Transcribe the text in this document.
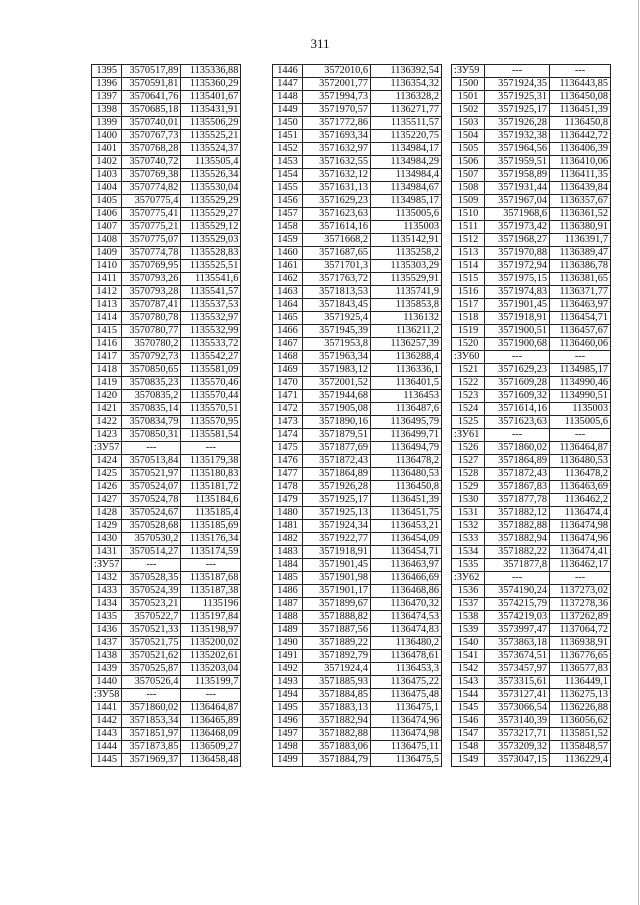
311
1395	3570517,89	1135336,88
1396	3570591,81	1135360,29
1397	3570641,76	1135401,67
1398	3570685,18	1135431,91
1399	3570740,01	1135506,29
1400	3570767,73	1135525,21
1401	3570768,28	1135524,37
1402	3570740,72	1135505,4
1403	3570769,38	1135526,34
1404	3570774,82	1135530,04
1405	3570775,4	1135529,29
1406	3570775,41	1135529,27
1407	3570775,21	1135529,12
1408	3570775,07	1135529,03
1409	3570774,78	1135528,83
1410	3570769,95	1135525,51
1411	3570793,26	1135541,6
1412	3570793,28	1135541,57
1413	3570787,41	1135537,53
1414	3570780,78	1135532,97
1415	3570780,77	1135532,99
1416	3570780,2	1135533,72
1417	3570792,73	1135542,27
1418	3570850,65	1135581,09
1419	3570835,23	1135570,46
1420	3570835,2	1135570,44
1421	3570835,14	1135570,51
1422	3570834,79	1135570,95
1423	3570850,31	1135581,54
:ЗУ57	---	---
1424	3570513,84	1135179,38
1425	3570521,97	1135180,83
1426	3570524,07	1135181,72
1427	3570524,78	1135184,6
1428	3570524,67	1135185,4
1429	3570528,68	1135185,69
1430	3570530,2	1135176,34
1431	3570514,27	1135174,59
:ЗУ57	---	---
1432	3570528,35	1135187,68
1433	3570524,39	1135187,38
1434	3570523,21	1135196
1435	3570522,7	1135197,84
1436	3570521,33	1135198,97
1437	3570521,75	1135200,02
1438	3570521,62	1135202,61
1439	3570525,87	1135203,04
1440	3570526,4	1135199,7
:ЗУ58	---	---
1441	3571860,02	1136464,87
1442	3571853,34	1136465,89
1443	3571851,97	1136468,09
1444	3571873,85	1136509,27
1445	3571969,37	1136458,48
1446	3572010,6	1136392,54
1447	3572001,77	1136354,32
1448	3571994,73	1136328,2
1449	3571970,57	1136271,77
1450	3571772,86	1135511,57
1451	3571693,34	1135220,75
1452	3571632,97	1134984,17
1453	3571632,55	1134984,29
1454	3571632,12	1134984,4
1455	3571631,13	1134984,67
1456	3571629,23	1134985,17
1457	3571623,63	1135005,6
1458	3571614,16	1135003
1459	3571668,2	1135142,91
1460	3571687,65	1135258,2
1461	3571701,3	1135303,29
1462	3571763,72	1135529,91
1463	3571813,53	1135741,9
1464	3571843,45	1135853,8
1465	3571925,4	1136132
1466	3571945,39	1136211,2
1467	3571953,8	1136257,39
1468	3571963,34	1136288,4
1469	3571983,12	1136336,1
1470	3572001,52	1136401,5
1471	3571944,68	1136453
1472	3571905,08	1136487,6
1473	3571890,16	1136495,79
1474	3571879,51	1136499,71
1475	3571877,69	1136494,79
1476	3571872,43	1136478,2
1477	3571864,89	1136480,53
1478	3571926,28	1136450,8
1479	3571925,17	1136451,39
1480	3571925,13	1136451,75
1481	3571924,34	1136453,21
1482	3571922,77	1136454,09
1483	3571918,91	1136454,71
1484	3571901,45	1136463,97
1485	3571901,98	1136466,69
1486	3571901,17	1136468,86
1487	3571899,67	1136470,32
1488	3571888,82	1136474,53
1489	3571887,56	1136474,83
1490	3571889,22	1136480,2
1491	3571892,79	1136478,61
1492	3571924,4	1136453,3
1493	3571885,93	1136475,22
1494	3571884,85	1136475,48
1495	3571883,13	1136475,1
1496	3571882,94	1136474,96
1497	3571882,88	1136474,98
1498	3571883,06	1136475,11
1499	3571884,79	1136475,5
:ЗУ59	---	---
1500	3571924,35	1136443,85
1501	3571925,31	1136450,08
1502	3571925,17	1136451,39
1503	3571926,28	1136450,8
1504	3571932,38	1136442,72
1505	3571964,56	1136406,39
1506	3571959,51	1136410,06
1507	3571958,89	1136411,35
1508	3571931,44	1136439,84
1509	3571967,04	1136357,67
1510	3571968,6	1136361,52
1511	3571973,42	1136380,91
1512	3571968,27	1136391,7
1513	3571970,88	1136389,47
1514	3571972,94	1136386,78
1515	3571975,15	1136381,65
1516	3571974,83	1136371,77
1517	3571901,45	1136463,97
1518	3571918,91	1136454,71
1519	3571900,51	1136457,67
1520	3571900,68	1136460,06
:ЗУ60	---	---
1521	3571629,23	1134985,17
1522	3571609,28	1134990,46
1523	3571609,32	1134990,51
1524	3571614,16	1135003
1525	3571623,63	1135005,6
:ЗУ61	---	---
1526	3571860,02	1136464,87
1527	3571864,89	1136480,53
1528	3571872,43	1136478,2
1529	3571867,83	1136463,69
1530	3571877,78	1136462,2
1531	3571882,12	1136474,4
1532	3571882,88	1136474,98
1533	3571882,94	1136474,96
1534	3571882,22	1136474,41
1535	3571877,8	1136462,17
:ЗУ62	---	---
1536	3574190,24	1137273,02
1537	3574215,79	1137278,36
1538	3574219,03	1137262,89
1539	3573997,47	1137064,72
1540	3573863,18	1136938,91
1541	3573674,51	1136776,65
1542	3573457,97	1136577,83
1543	3573315,61	1136449,1
1544	3573127,41	1136275,13
1545	3573066,54	1136226,88
1546	3573140,39	1136056,62
1547	3573217,71	1135851,52
1548	3573209,32	1135848,57
1549	3573047,15	1136229,4
